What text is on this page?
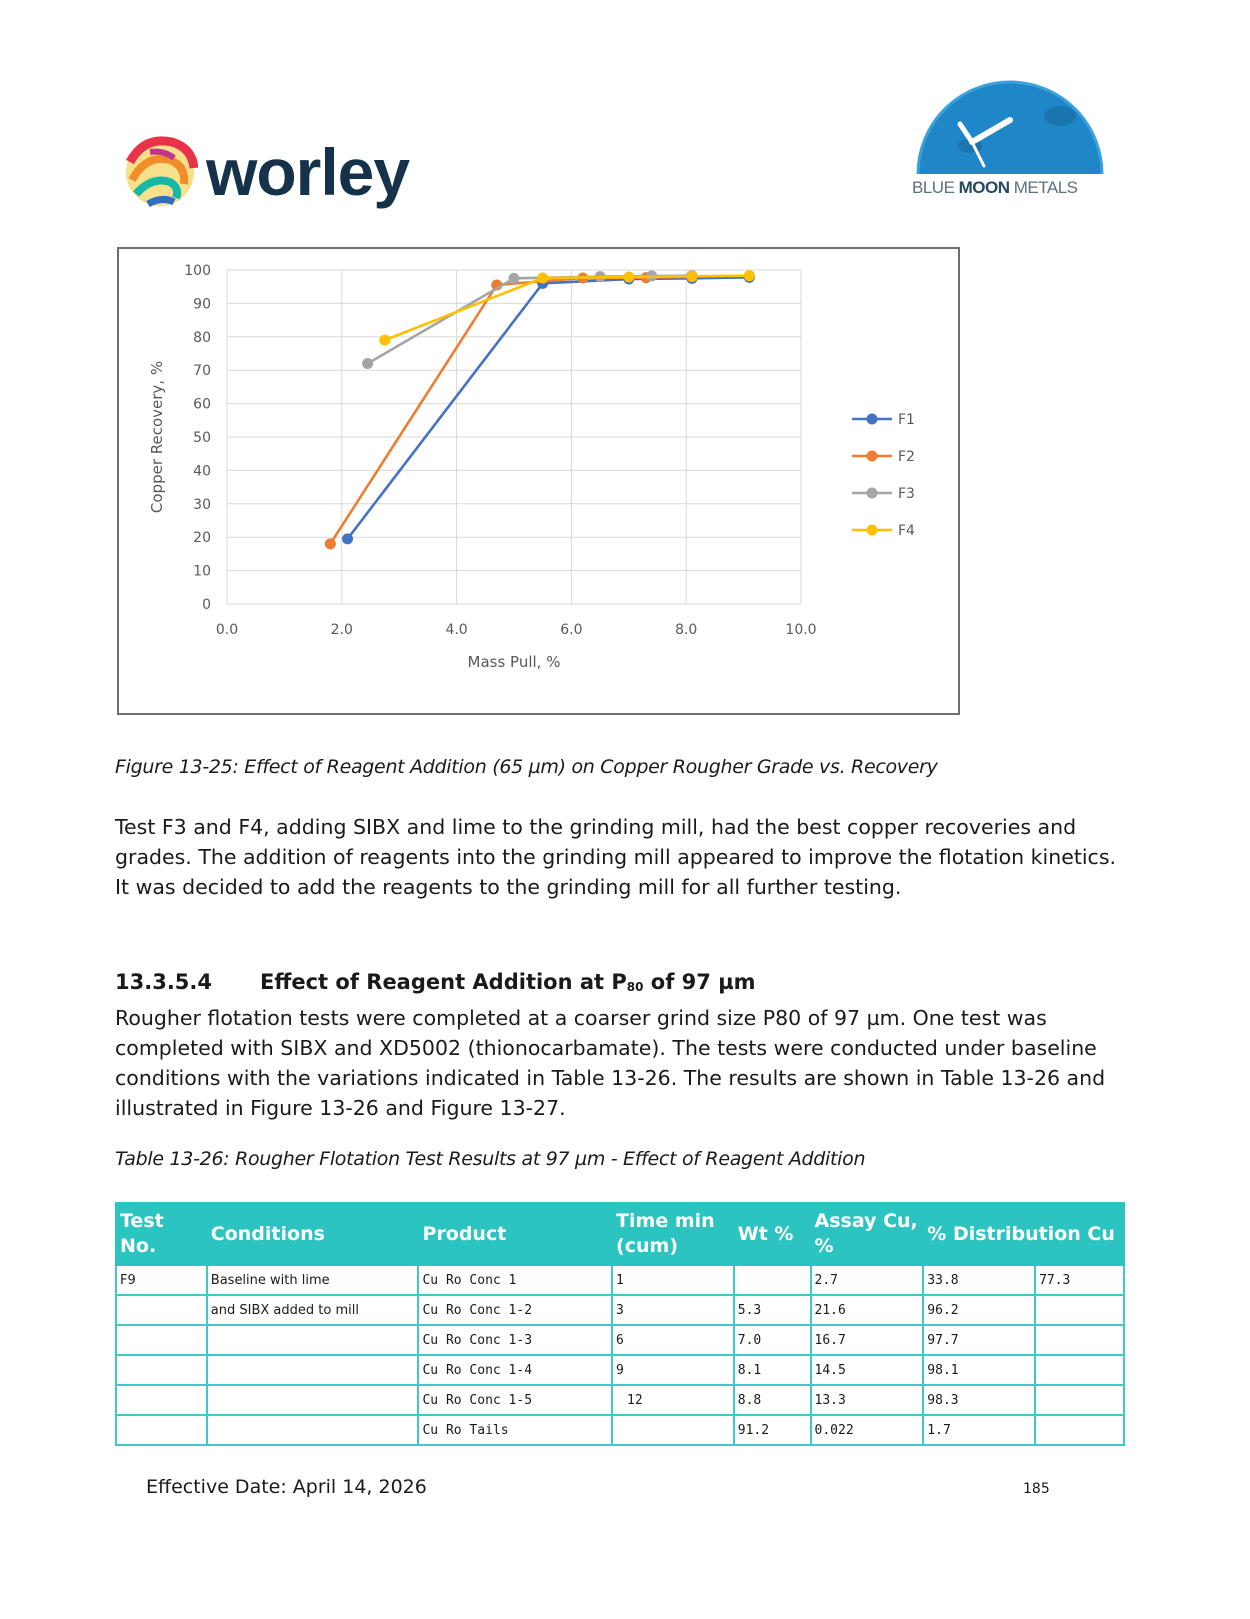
worley	BLUE MOON METALS
0
10
20
30
40
50
60
70
80
90
100
0.0	2.0	4.0	6.0	8.0	10.0
Mass Pull, %
Copper Recovery, %	F1
F2
F3
F4
Figure 13-25: Effect of Reagent Addition (65 µm) on Copper Rougher Grade vs. Recovery
Test F3 and F4, adding SIBX and lime to the grinding mill, had the best copper recoveries and grades. The addition of reagents into the grinding mill appeared to improve the flotation kinetics. It was decided to add the reagents to the grinding mill for all further testing.
13.3.5.4 Effect of Reagent Addition at $P_{80}$ of 97 µm
Rougher flotation tests were completed at a coarser grind size P80 of 97 µm. One test was completed with SIBX and XD5002 (thionocarbamate). The tests were conducted under baseline conditions with the variations indicated in Table 13-26. The results are shown in Table 13-26 and illustrated in Figure 13-26 and Figure 13-27.
Table 13-26: Rougher Flotation Test Results at 97 µm - Effect of Reagent Addition
Test No.	Conditions	Product	Time min (cum)	Wt %	Assay Cu, %	% Distribution Cu	
F9	Baseline with lime	Cu Ro Conc 1	1		2.7	33.8	77.3
	and SIBX added to mill	Cu Ro Conc 1-2	3	5.3	21.6	96.2	
		Cu Ro Conc 1-3	6	7.0	16.7	97.7	
		Cu Ro Conc 1-4	9	8.1	14.5	98.1	
		Cu Ro Conc 1-5	12	8.8	13.3	98.3	
		Cu Ro Tails		91.2	0.022	1.7	
Effective Date: April 14, 2026	185
